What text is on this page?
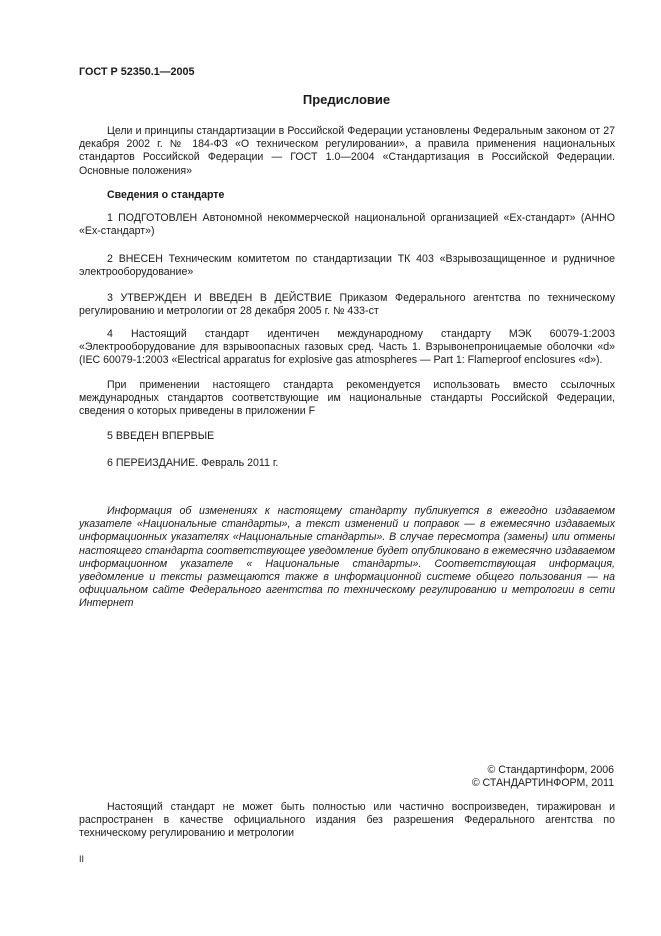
ГОСТ Р 52350.1—2005
Предисловие

Цели и принципы стандартизации в Российской Федерации установлены Федеральным законом от 27 декабря 2002 г. № 184-ФЗ «О техническом регулировании», а правила применения национальных стандартов Российской Федерации — ГОСТ 1.0—2004 «Стандартизация в Российской Федерации. Основные положения»

Сведения о стандарте

1 ПОДГОТОВЛЕН Автономной некоммерческой национальной организацией «Ех-стандарт» (АННО «Ех-стандарт»)

2 ВНЕСЕН Техническим комитетом по стандартизации ТК 403 «Взрывозащищенное и рудничное электрооборудование»

3 УТВЕРЖДЕН И ВВЕДЕН В ДЕЙСТВИЕ Приказом Федерального агентства по техническому регулированию и метрологии от 28 декабря 2005 г. № 433-ст

4 Настоящий стандарт идентичен международному стандарту МЭК 60079-1:2003 «Электрооборудование для взрывоопасных газовых сред. Часть 1. Взрывонепроницаемые оболочки «d» (IEC 60079-1:2003 «Electrical apparatus for explosive gas atmospheres — Part 1: Flameproof enclosures «d»).

При применении настоящего стандарта рекомендуется использовать вместо ссылочных международных стандартов соответствующие им национальные стандарты Российской Федерации, сведения о которых приведены в приложении F

5 ВВЕДЕН ВПЕРВЫЕ

6 ПЕРЕИЗДАНИЕ. Февраль 2011 г.

Информация об изменениях к настоящему стандарту публикуется в ежегодно издаваемом указателе «Национальные стандарты», а текст изменений и поправок — в ежемесячно издаваемых информационных указателях «Национальные стандарты». В случае пересмотра (замены) или отмены настоящего стандарта соответствующее уведомление будет опубликовано в ежемесячно издаваемом информационном указателе « Национальные стандарты». Соответствующая информация, уведомление и тексты размещаются также в информационной системе общего пользования — на официальном сайте Федерального агентства по техническому регулированию и метрологии в сети Интернет

© Стандартинформ, 2006
© СТАНДАРТИНФОРМ, 2011

Настоящий стандарт не может быть полностью или частично воспроизведен, тиражирован и распространен в качестве официального издания без разрешения Федерального агентства по техническому регулированию и метрологии

II
